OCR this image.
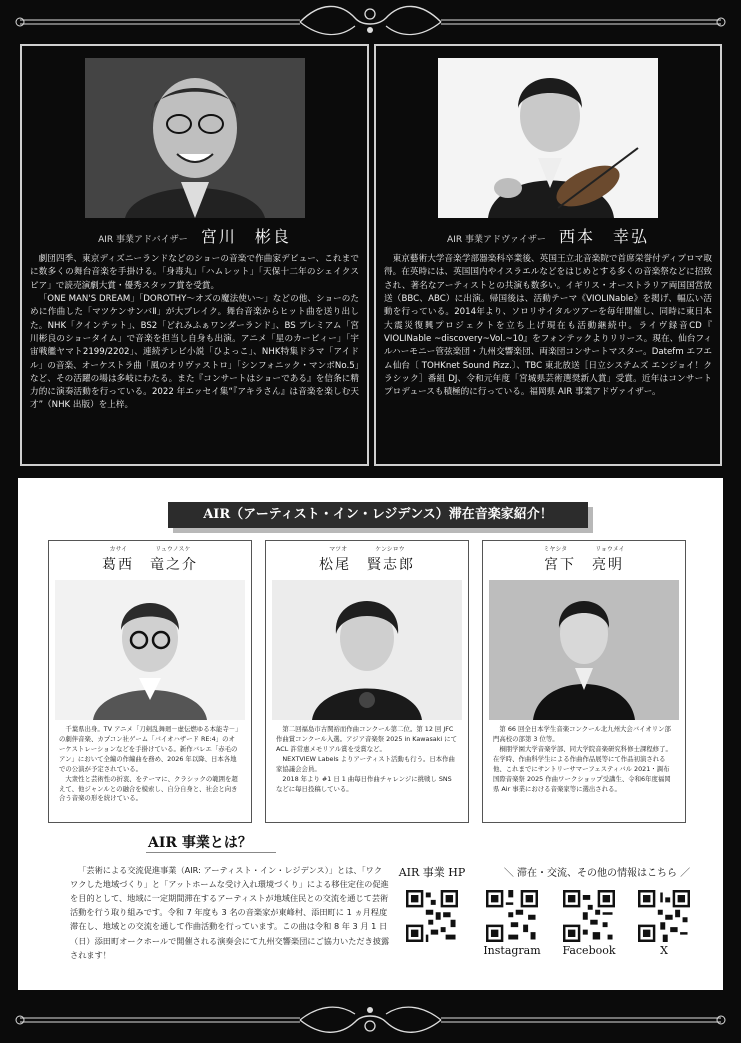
AIR 事業アドバイザー 宮川　彬良

劇団四季、東京ディズニーランドなどのショーの音楽で作曲家デビュー、これまでに数多くの舞台音楽を手掛ける。「身毒丸」「ハムレット」「天保十二年のシェイクスピア」で読売演劇大賞・優秀スタッフ賞を受賞。

「ONE MAN'S DREAM」「DOROTHY～オズの魔法使い～」などの他、ショーのために作曲した「マツケンサンバⅡ」が大ブレイク。舞台音楽からヒット曲を送り出した。NHK「クインテット」、BS2「どれみふぁワンダーランド」、BS プレミアム「宮川彬良のショータイム」で音楽を担当し自身も出演。アニメ「星のカービィー」「宇宙戦艦ヤマト2199/2202」、連続テレビ小説「ひよっこ」、NHK特集ドラマ「アイドル」の音楽、オーケストラ曲「風のオリヴァストロ」「シンフォニック・マンボNo.5」など、その活躍の場は多岐にわたる。また『コンサートはショーである』を信条に精力的に演奏活動を行っている。2022 年エッセイ集“『アキラさん』は音楽を楽しむ天才”（NHK 出版）を上梓。

AIR 事業アドヴァイザー 西本　幸弘

東京藝術大学音楽学部器楽科卒業後、英国王立北音楽院で首席栄誉付ディプロマ取得。在英時には、英国国内やイスラエルなどをはじめとする多くの音楽祭などに招致され、著名なアーティストとの共演も数多い。イギリス・オーストラリア両国国営放送（BBC、ABC）に出演。帰国後は、活動テーマ《VIOLINable》を掲げ、幅広い活動を行っている。2014年より、ソロリサイタルツアーを毎年開催し、同時に東日本大震災復興プロジェクトを立ち上げ現在も活動継続中。ライヴ録音CD『 VIOLINable ~discovery~Vol.~10』をフォンテックよりリリース。現在、仙台フィルハーモニー管弦楽団・九州交響楽団、両楽団コンサートマスター。Datefm エフエム仙台〔 TOHKnet Sound Pizz.〕、TBC 東北放送［日立システムズ エンジョイ！クラシック］番組 DJ、令和元年度「宮城県芸術選奨新人賞」受賞。近年はコンサートプロデュースも積極的に行っている。福岡県 AIR 事業アドヴァイザー。

AIR（アーティスト・イン・レジデンス）滞在音楽家紹介！
カサイ	リュウノスケ
葛西　竜之介

千葉県出身。TV アニメ「刀剣乱舞廻－虚伝燃ゆる本能寺－」の劇伴音楽、カプコン社ゲーム「バイオハザード RE:4」のオーケストレーションなどを手掛けている。新作バレエ「赤毛のアン」において全編の作編曲を務め、2026 年以降、日本各地での公演が予定されている。

大衆性と芸術性の折衷、をテーマに、クラシックの範囲を超えて、他ジャンルとの融合を模索し、自分自身と、社会と向き合う音楽の形を続けている。

マツオ	ケンシロウ
松尾　賢志郎

第二回福島市古関裕而作曲コンクール第二位。第 12 回 JFC 作曲賞コンクール入選。アジア音楽祭 2025 in Kawasaki にて ACL 許常惠メモリアル賞を受賞など。

NEXTVIEW Labels よりアーティスト活動も行う。日本作曲家協議会会員。

2018 年より #1 日 1 曲毎日作曲チャレンジに挑戦し SNS などに毎日投稿している。

ミヤシタ	リョウメイ
宮下　亮明

第 66 回全日本学生音楽コンクール北九州大会バイオリン部門高校の部第 3 位等。

桐朋学園大学音楽学部、同大学院音楽研究科修士課程修了。在学時、作曲科学生による作曲作品展等にて作品初演される他、これまでにサントリーサマーフェスティバル 2021・調布国際音楽祭 2025 作曲ワークショップ受講生、令和6年度福岡県 Air 事業における音楽家等に選出される。

AIR 事業とは？

「芸術による交流促進事業（AIR: アーティスト・イン・レジデンス）」とは、「ワクワクした地域づくり」と「アットホームな受け入れ環境づくり」による移住定住の促進を目的として、地域に一定期間滞在するアーティストが地域住民との交流を通じて芸術活動を行う取り組みです。令和 7 年度も 3 名の音楽家が東峰村、添田町に 1 ヵ月程度滞在し、地域との交流を通して作曲活動を行っています。この曲は令和 8 年 3 月 1 日（日）添田町オークホールで開催される演奏会にて九州交響楽団にご協力いただき披露されます！

AIR 事業 HP	＼ 滞在・交流、その他の情報はこちら ／
Instagram	Facebook	X
